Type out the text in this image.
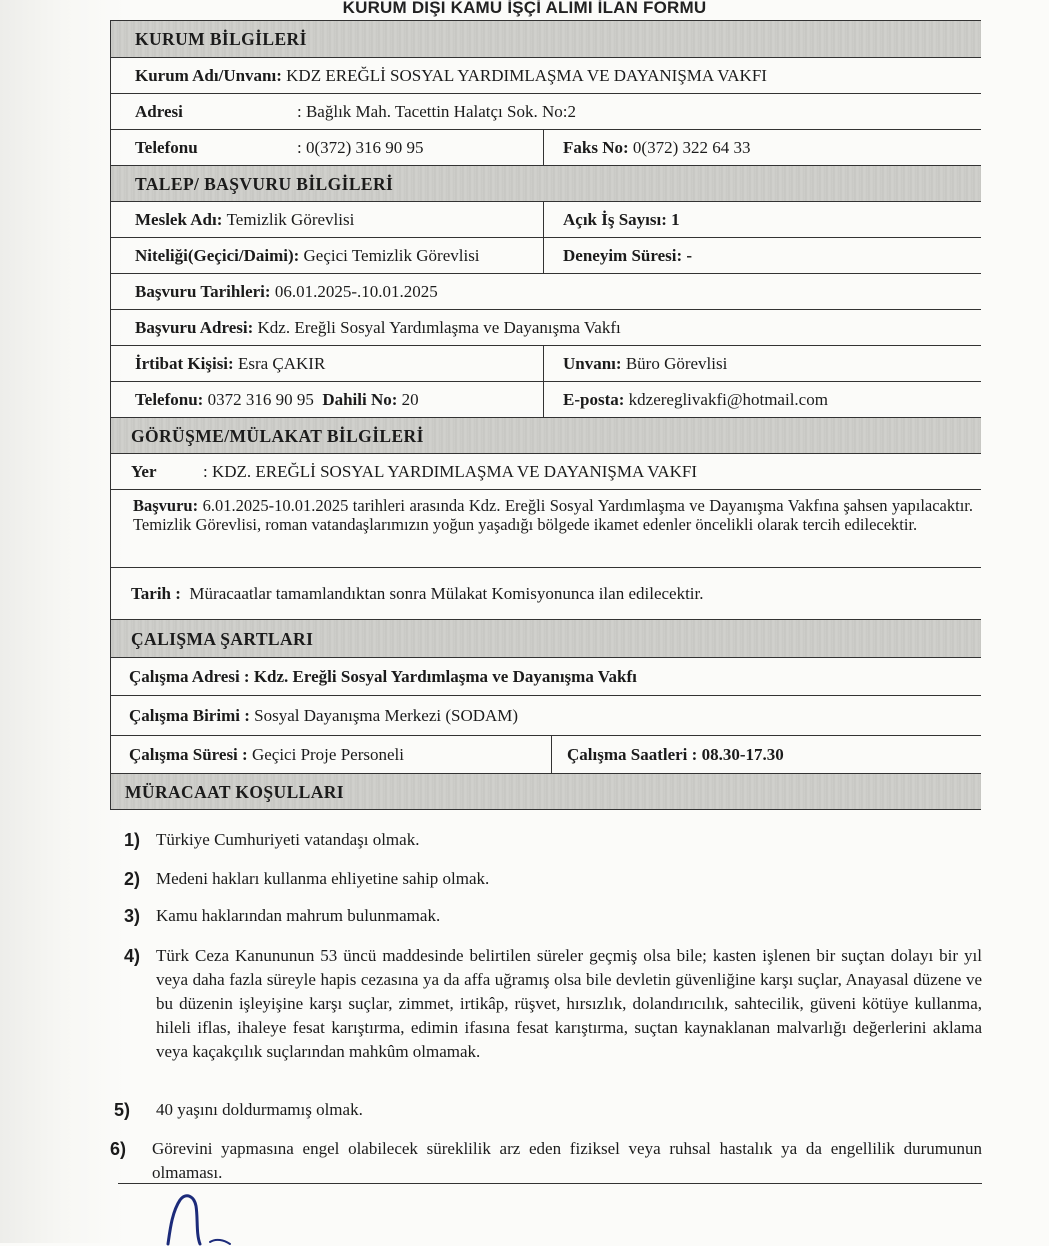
KURUM DIŞI KAMU İŞÇİ ALIMI İLAN FORMU
KURUM BİLGİLERİ
Kurum Adı/Unvanı:
KDZ EREĞLİ SOSYAL YARDIMLAŞMA VE DAYANIŞMA VAKFI
Adresi	: Bağlık Mah. Tacettin Halatçı Sok. No:2
Telefonu	: 0(372) 316 90 95	Faks No:
0(372) 322 64 33
TALEP/ BAŞVURU BİLGİLERİ
Meslek Adı:
Temizlik Görevlisi	Açık İş Sayısı:
1
Niteliği(Geçici/Daimi):
Geçici Temizlik Görevlisi	Deneyim Süresi:
-
Başvuru Tarihleri:
06.01.2025-.10.01.2025
Başvuru Adresi:
Kdz. Ereğli Sosyal Yardımlaşma ve Dayanışma Vakfı
İrtibat Kişisi:
Esra ÇAKIR	Unvanı:
Büro Görevlisi
Telefonu:
0372 316 90 95
Dahili No:
20	E-posta:
kdzereglivakfi@hotmail.com
GÖRÜŞME/MÜLAKAT BİLGİLERİ
Yer	: KDZ. EREĞLİ SOSYAL YARDIMLAŞMA VE DAYANIŞMA VAKFI
Başvuru: 6.01.2025-10.01.2025 tarihleri arasında Kdz. Ereğli Sosyal Yardımlaşma ve Dayanışma Vakfına şahsen yapılacaktır. Temizlik Görevlisi, roman vatandaşlarımızın yoğun yaşadığı bölgede ikamet edenler öncelikli olarak tercih edilecektir.
Tarih :
Müracaatlar tamamlandıktan sonra Mülakat Komisyonunca ilan edilecektir.
ÇALIŞMA ŞARTLARI
Çalışma Adresi :
Kdz. Ereğli Sosyal Yardımlaşma ve Dayanışma Vakfı
Çalışma Birimi :
Sosyal Dayanışma Merkezi (SODAM)
Çalışma Süresi :
Geçici Proje Personeli	Çalışma Saatleri :
08.30-17.30
MÜRACAAT KOŞULLARI
1) Türkiye Cumhuriyeti vatandaşı olmak.
2) Medeni hakları kullanma ehliyetine sahip olmak.
3) Kamu haklarından mahrum bulunmamak.
4) Türk Ceza Kanununun 53 üncü maddesinde belirtilen süreler geçmiş olsa bile; kasten işlenen bir suçtan dolayı bir yıl veya daha fazla süreyle hapis cezasına ya da affa uğramış olsa bile devletin güvenliğine karşı suçlar, Anayasal düzene ve bu düzenin işleyişine karşı suçlar, zimmet, irtikâp, rüşvet, hırsızlık, dolandırıcılık, sahtecilik, güveni kötüye kullanma, hileli iflas, ihaleye fesat karıştırma, edimin ifasına fesat karıştırma, suçtan kaynaklanan malvarlığı değerlerini aklama veya kaçakçılık suçlarından mahkûm olmamak.
5) 40 yaşını doldurmamış olmak.
6) Görevini yapmasına engel olabilecek süreklilik arz eden fiziksel veya ruhsal hastalık ya da engellilik durumunun olmaması.
